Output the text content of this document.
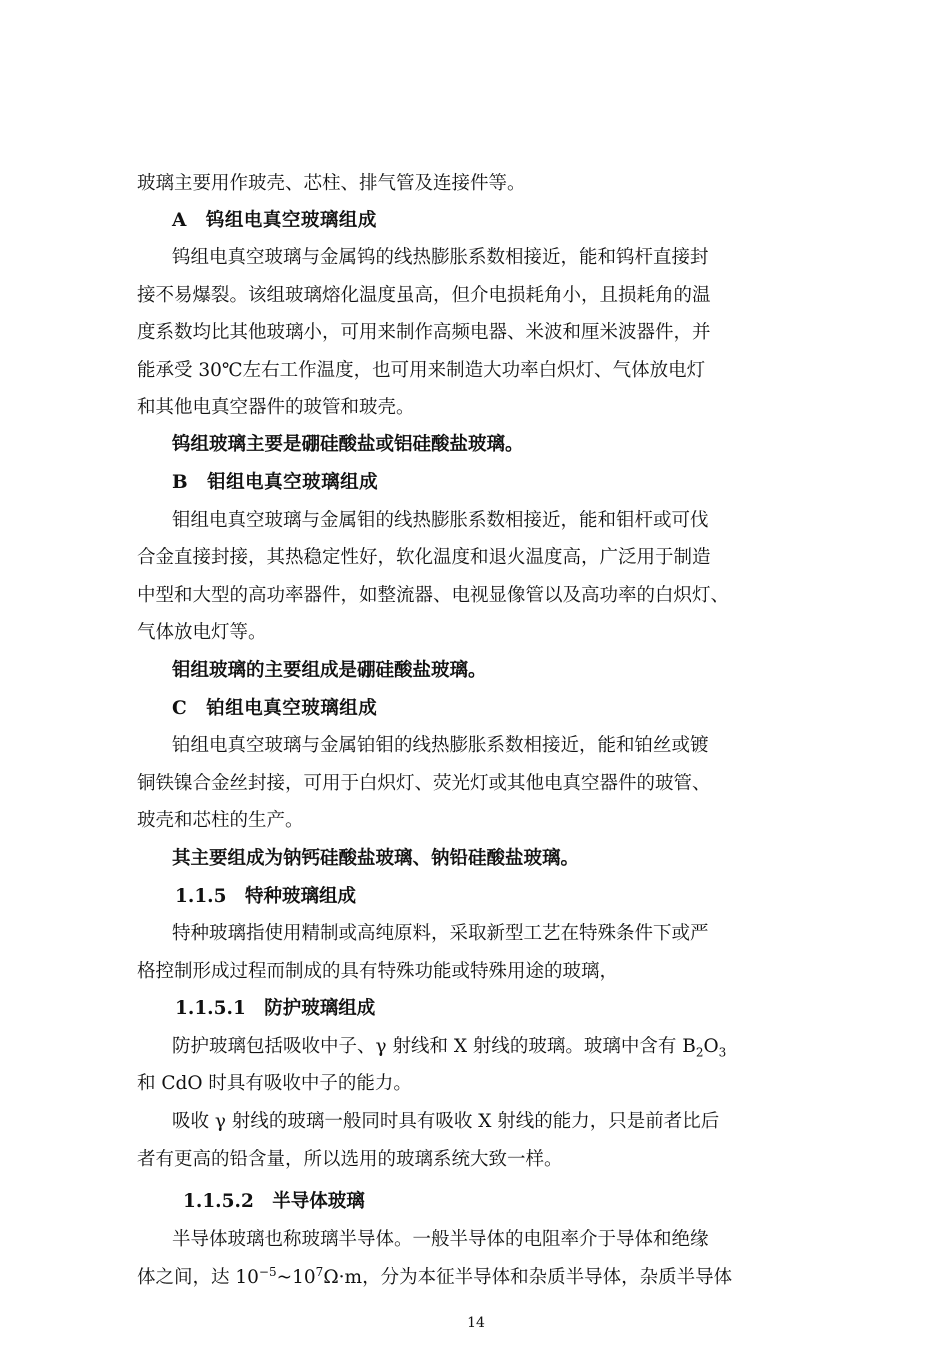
玻璃主要用作玻壳、芯柱、排气管及连接件等。

A　钨组电真空玻璃组成

钨组电真空玻璃与金属钨的线热膨胀系数相接近，能和钨杆直接封

接不易爆裂。该组玻璃熔化温度虽高，但介电损耗角小，且损耗角的温

度系数均比其他玻璃小，可用来制作高频电器、米波和厘米波器件，并

能承受 30℃左右工作温度，也可用来制造大功率白炽灯、气体放电灯

和其他电真空器件的玻管和玻壳。

钨组玻璃主要是硼硅酸盐或铝硅酸盐玻璃。

B　钼组电真空玻璃组成

钼组电真空玻璃与金属钼的线热膨胀系数相接近，能和钼杆或可伐

合金直接封接，其热稳定性好，软化温度和退火温度高，广泛用于制造

中型和大型的高功率器件，如整流器、电视显像管以及高功率的白炽灯、

气体放电灯等。

钼组玻璃的主要组成是硼硅酸盐玻璃。

C　铂组电真空玻璃组成

铂组电真空玻璃与金属铂钼的线热膨胀系数相接近，能和铂丝或镀

铜铁镍合金丝封接，可用于白炽灯、荧光灯或其他电真空器件的玻管、

玻壳和芯柱的生产。

其主要组成为钠钙硅酸盐玻璃、钠铅硅酸盐玻璃。

1.1.5　特种玻璃组成

特种玻璃指使用精制或高纯原料，采取新型工艺在特殊条件下或严

格控制形成过程而制成的具有特殊功能或特殊用途的玻璃，

1.1.5.1　防护玻璃组成

防护玻璃包括吸收中子、γ 射线和 X 射线的玻璃。玻璃中含有 $B_2O_3$

和 CdO 时具有吸收中子的能力。

吸收 γ 射线的玻璃一般同时具有吸收 X 射线的能力，只是前者比后

者有更高的铅含量，所以选用的玻璃系统大致一样。

1.1.5.2　半导体玻璃

半导体玻璃也称玻璃半导体。一般半导体的电阻率介于导体和绝缘

体之间，达 $10^{-5}\sim 10^7\Omega\cdot m$，分为本征半导体和杂质半导体，杂质半导体

14
